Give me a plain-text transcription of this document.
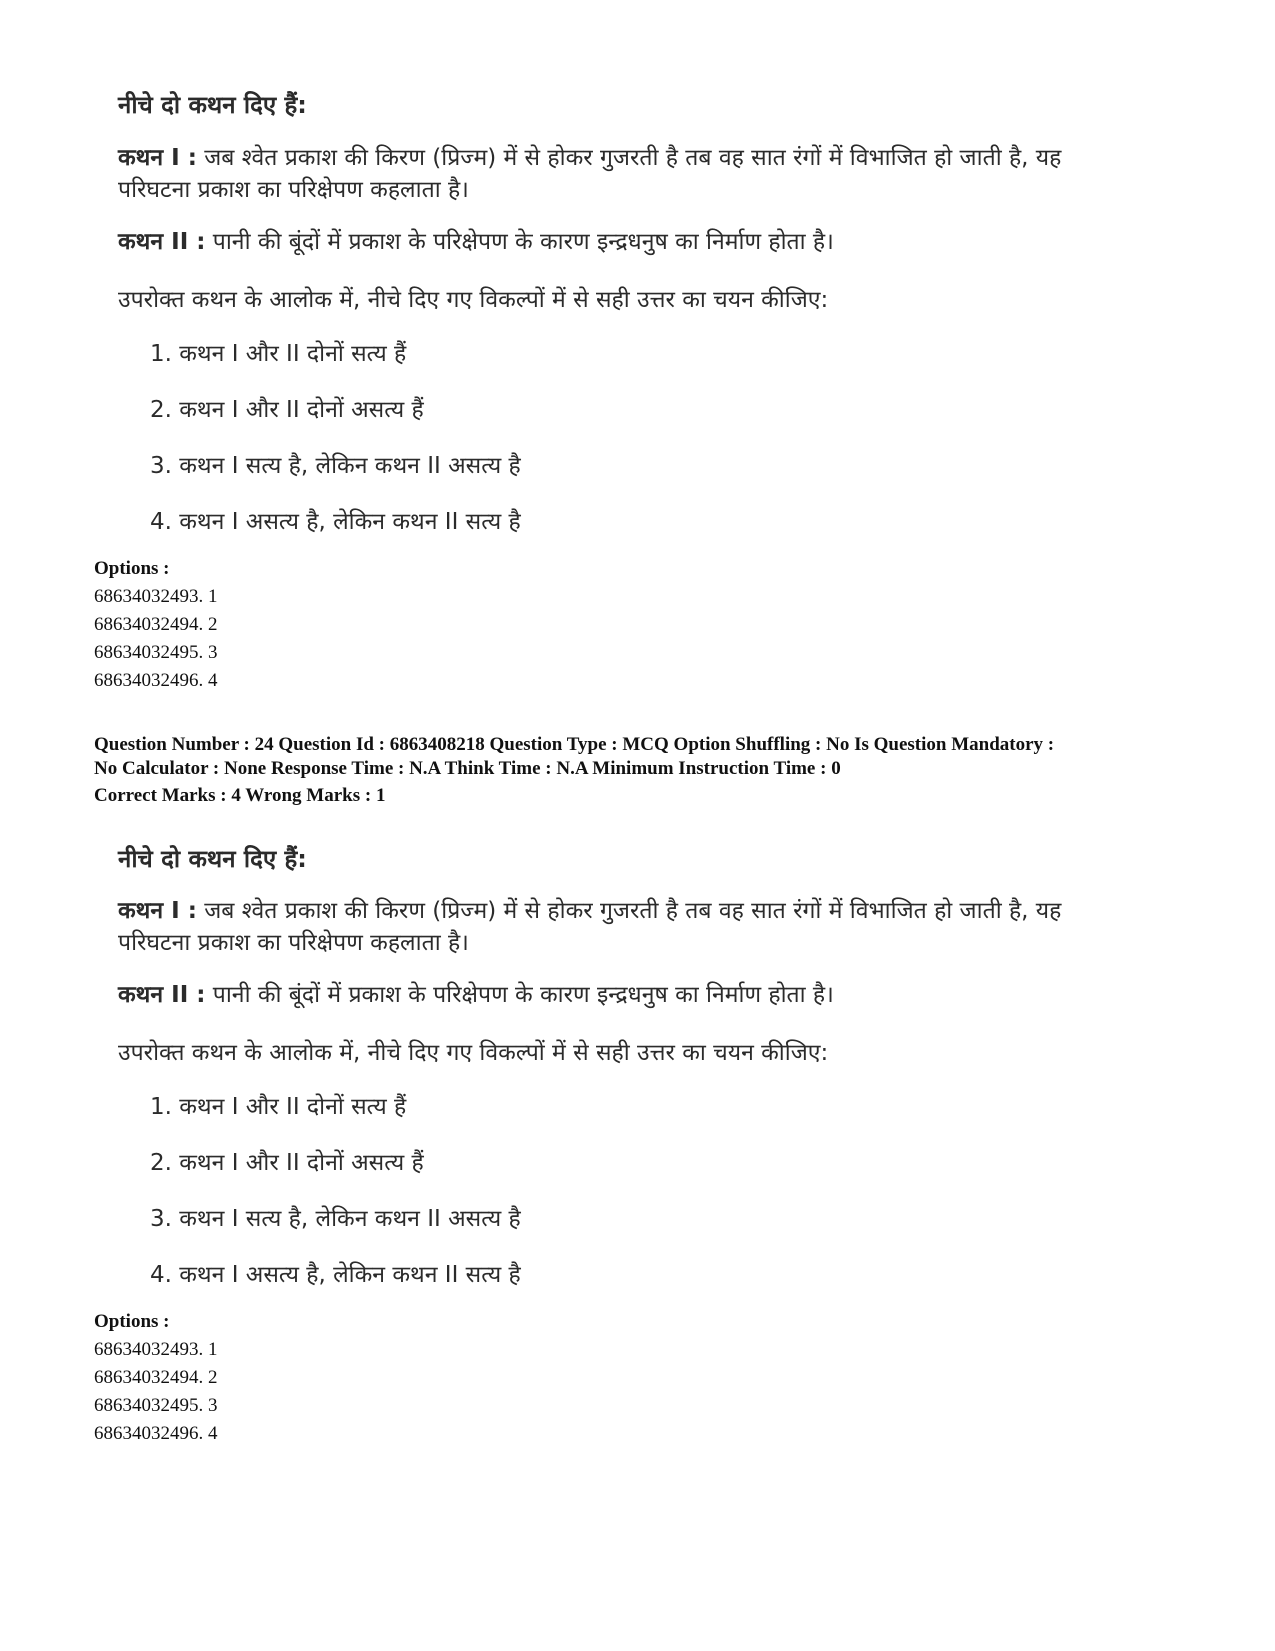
नीचे दो कथन दिए हैं:
कथन I : जब श्वेत प्रकाश की किरण (प्रिज्म) में से होकर गुजरती है तब वह सात रंगों में विभाजित हो जाती है, यह परिघटना प्रकाश का परिक्षेपण कहलाता है।
कथन II : पानी की बूंदों में प्रकाश के परिक्षेपण के कारण इन्द्रधनुष का निर्माण होता है।
उपरोक्त कथन के आलोक में, नीचे दिए गए विकल्पों में से सही उत्तर का चयन कीजिए:
1. कथन I और II दोनों सत्य हैं
2. कथन I और II दोनों असत्य हैं
3. कथन I सत्य है, लेकिन कथन II असत्य है
4. कथन I असत्य है, लेकिन कथन II सत्य है
Options :
68634032493. 1
68634032494. 2
68634032495. 3
68634032496. 4
Question Number : 24 Question Id : 6863408218 Question Type : MCQ Option Shuffling : No Is Question Mandatory :
No Calculator : None Response Time : N.A Think Time : N.A Minimum Instruction Time : 0
Correct Marks : 4 Wrong Marks : 1
नीचे दो कथन दिए हैं:
कथन I : जब श्वेत प्रकाश की किरण (प्रिज्म) में से होकर गुजरती है तब वह सात रंगों में विभाजित हो जाती है, यह परिघटना प्रकाश का परिक्षेपण कहलाता है।
कथन II : पानी की बूंदों में प्रकाश के परिक्षेपण के कारण इन्द्रधनुष का निर्माण होता है।
उपरोक्त कथन के आलोक में, नीचे दिए गए विकल्पों में से सही उत्तर का चयन कीजिए:
1. कथन I और II दोनों सत्य हैं
2. कथन I और II दोनों असत्य हैं
3. कथन I सत्य है, लेकिन कथन II असत्य है
4. कथन I असत्य है, लेकिन कथन II सत्य है
Options :
68634032493. 1
68634032494. 2
68634032495. 3
68634032496. 4
